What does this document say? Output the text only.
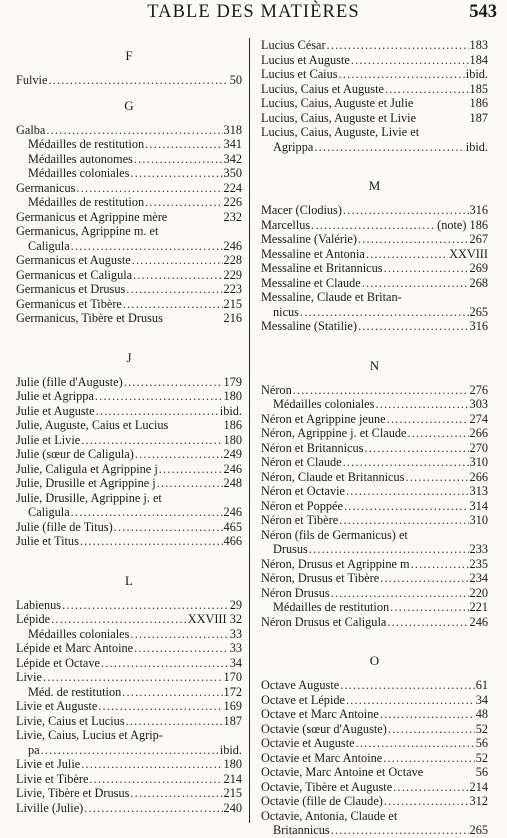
TABLE DES MATIÈRES	543
F
Fulvie .....	50
G
Galba .....	318
Médailles de restitution .....	341
Médailles autonomes .....	342
Médailles coloniales .....	350
Germanicus .....	224
Médailles de restitution .....	226
Germanicus et Agrippine mère	232
Germanicus, Agrippine m. et
Caligula .....	246
Germanicus et Auguste .....	228
Germanicus et Caligula .....	229
Germanicus et Drusus .....	223
Germanicus et Tibère .....	215
Germanicus, Tibère et Drusus	216
J
Julie (fille d'Auguste) .....	179
Julie et Agrippa .....	180
Julie et Auguste .....	ibid.
Julie, Auguste, Caius et Lucius	186
Julie et Livie .....	180
Julie (sœur de Caligula) .....	249
Julie, Caligula et Agrippine j .....	246
Julie, Drusille et Agrippine j .....	248
Julie, Drusille, Agrippine j. et
Caligula .....	246
Julie (fille de Titus) .....	465
Julie et Titus .....	466
L
Labienus .....	29
Lépide .....	XXVIII 32
Médailles coloniales .....	33
Lépide et Marc Antoine .....	33
Lépide et Octave .....	34
Livie .....	170
Méd. de restitution .....	172
Livie et Auguste .....	169
Livie, Caius et Lucius .....	187
Livie, Caius, Lucius et Agrip-
pa .....	ibid.
Livie et Julie .....	180
Livie et Tibère .....	214
Livie, Tibère et Drusus .....	215
Liville (Julie) .....	240
Lucius César .....	183
Lucius et Auguste .....	184
Lucius et Caius .....	ibid.
Lucius, Caius et Auguste .....	185
Lucius, Caius, Auguste et Julie	186
Lucius, Caius, Auguste et Livie	187
Lucius, Caius, Auguste, Livie et
Agrippa .....	ibid.
M
Macer (Clodius) .....	316
Marcellus .....	(note) 186
Messaline (Valérie) .....	267
Messaline et Antonia .....	XXVIII
Messaline et Britannicus .....	269
Messaline et Claude .....	268
Messaline, Claude et Britan-
nicus .....	265
Messaline (Statilie) .....	316
N
Néron .....	276
Médailles coloniales .....	303
Néron et Agrippine jeune .....	274
Néron, Agrippine j. et Claude .....	266
Néron et Britannicus .....	270
Néron et Claude .....	310
Néron, Claude et Britannicus .....	266
Néron et Octavie .....	313
Néron et Poppée .....	314
Néron et Tibère .....	310
Néron (fils de Germanicus) et
Drusus .....	233
Néron, Drusus et Agrippine m .....	235
Néron, Drusus et Tibère .....	234
Néron Drusus .....	220
Médailles de restitution .....	221
Néron Drusus et Caligula .....	246
O
Octave Auguste .....	61
Octave et Lépide .....	34
Octave et Marc Antoine .....	48
Octavie (sœur d'Auguste) .....	52
Octavie et Auguste .....	56
Octavie et Marc Antoine .....	52
Octavie, Marc Antoine et Octave	56
Octavie, Tibère et Auguste .....	214
Octavie (fille de Claude) .....	312
Octavie, Antonia, Claude et
Britannicus .....	265
